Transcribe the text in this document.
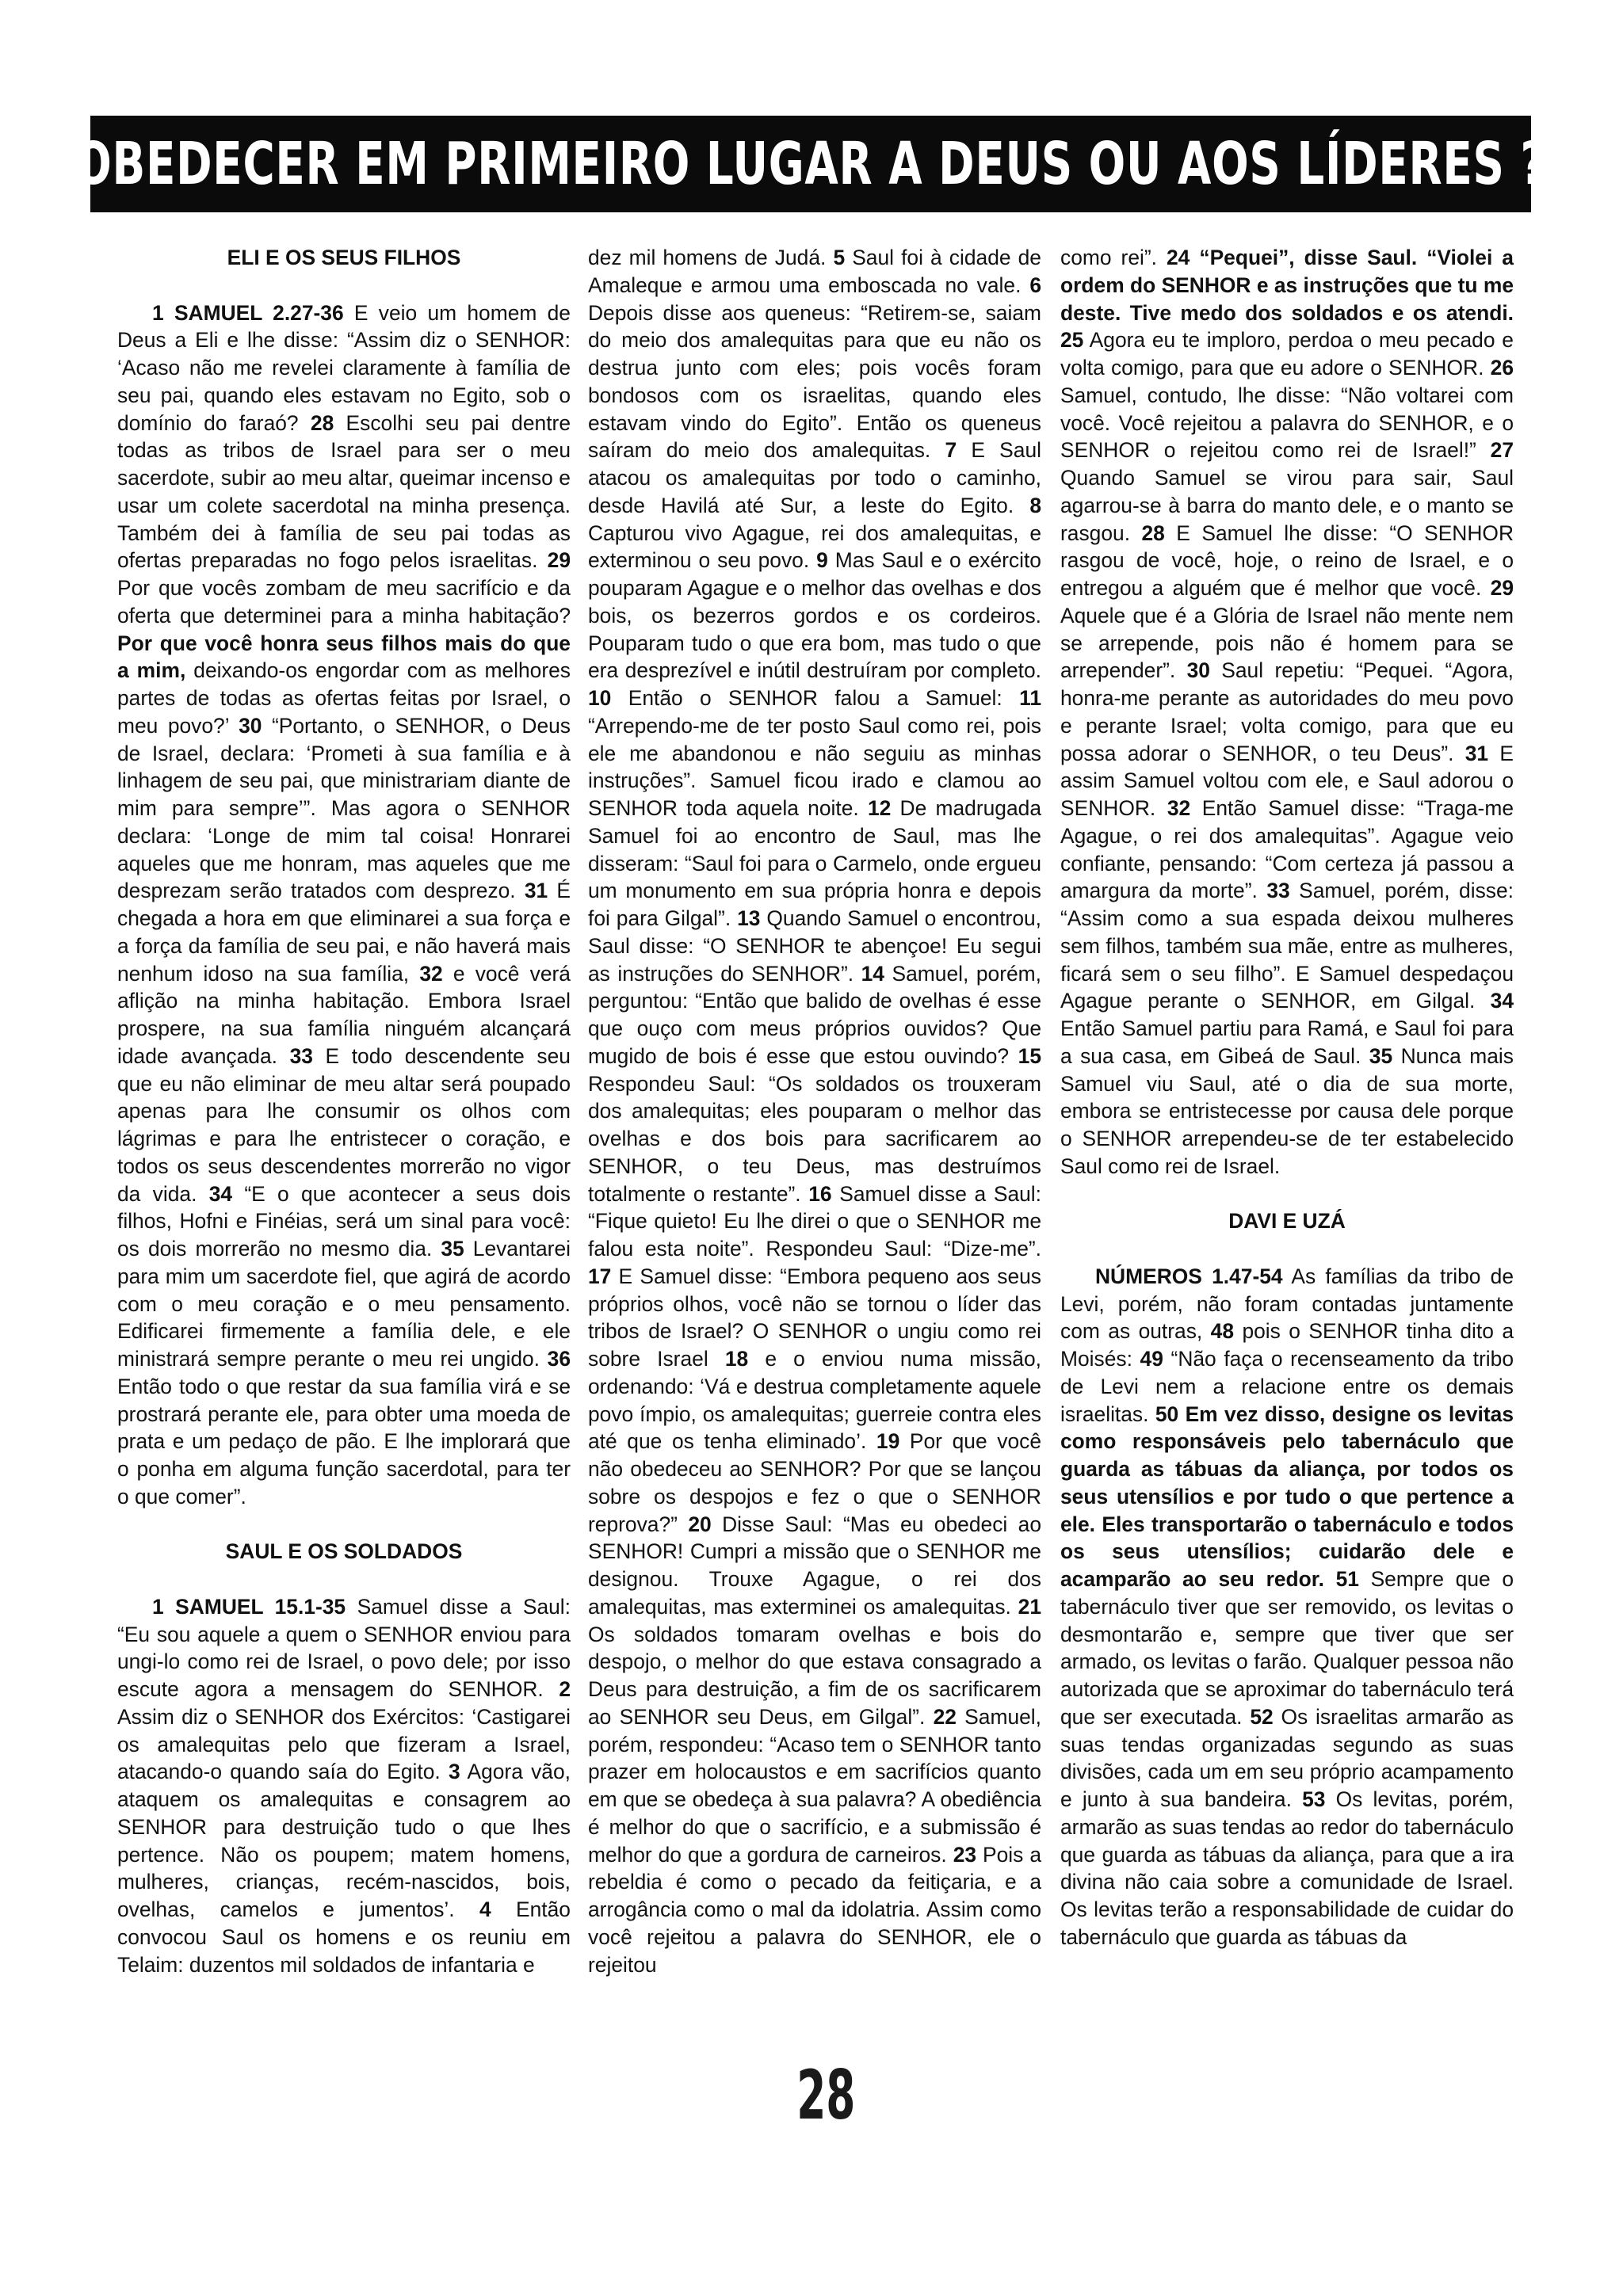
OBEDECER EM PRIMEIRO LUGAR A DEUS OU AOS LÍDERES ?
ELI E OS SEUS FILHOS

1 SAMUEL 2.27-36 E veio um homem de Deus a Eli e lhe disse: “Assim diz o SENHOR: ‘Acaso não me revelei claramente à família de seu pai, quando eles estavam no Egito, sob o domínio do faraó? 28 Escolhi seu pai dentre todas as tribos de Israel para ser o meu sacerdote, subir ao meu altar, queimar incenso e usar um colete sacerdotal na minha presença. Também dei à família de seu pai todas as ofertas preparadas no fogo pelos israelitas. 29 Por que vocês zombam de meu sacrifício e da oferta que determinei para a minha habitação? Por que você honra seus filhos mais do que a mim, deixando-os engordar com as melhores partes de todas as ofertas feitas por Israel, o meu povo?’ 30 “Portanto, o SENHOR, o Deus de Israel, declara: ‘Prometi à sua família e à linhagem de seu pai, que ministrariam diante de mim para sempre’”. Mas agora o SENHOR declara: ‘Longe de mim tal coisa! Honrarei aqueles que me honram, mas aqueles que me desprezam serão tratados com desprezo. 31 É chegada a hora em que eliminarei a sua força e a força da família de seu pai, e não haverá mais nenhum idoso na sua família, 32 e você verá aflição na minha habitação. Embora Israel prospere, na sua família ninguém alcançará idade avançada. 33 E todo descendente seu que eu não eliminar de meu altar será poupado apenas para lhe consumir os olhos com lágrimas e para lhe entristecer o coração, e todos os seus descendentes morrerão no vigor da vida. 34 “E o que acontecer a seus dois filhos, Hofni e Finéias, será um sinal para você: os dois morrerão no mesmo dia. 35 Levantarei para mim um sacerdote fiel, que agirá de acordo com o meu coração e o meu pensamento. Edificarei firmemente a família dele, e ele ministrará sempre perante o meu rei ungido. 36 Então todo o que restar da sua família virá e se prostrará perante ele, para obter uma moeda de prata e um pedaço de pão. E lhe implorará que o ponha em alguma função sacerdotal, para ter o que comer”.

SAUL E OS SOLDADOS

1 SAMUEL 15.1-35 Samuel disse a Saul: “Eu sou aquele a quem o SENHOR enviou para ungi-lo como rei de Israel, o povo dele; por isso escute agora a mensagem do SENHOR. 2 Assim diz o SENHOR dos Exércitos: ‘Castigarei os amalequitas pelo que fizeram a Israel, atacando-o quando saía do Egito. 3 Agora vão, ataquem os amalequitas e consagrem ao SENHOR para destruição tudo o que lhes pertence. Não os poupem; matem homens, mulheres, crianças, recém-nascidos, bois, ovelhas, camelos e jumentos’. 4 Então convocou Saul os homens e os reuniu em Telaim: duzentos mil soldados de infantaria e

dez mil homens de Judá. 5 Saul foi à cidade de Amaleque e armou uma emboscada no vale. 6 Depois disse aos queneus: “Retirem-se, saiam do meio dos amalequitas para que eu não os destrua junto com eles; pois vocês foram bondosos com os israelitas, quando eles estavam vindo do Egito”. Então os queneus saíram do meio dos amalequitas. 7 E Saul atacou os amalequitas por todo o caminho, desde Havilá até Sur, a leste do Egito. 8 Capturou vivo Agague, rei dos amalequitas, e exterminou o seu povo. 9 Mas Saul e o exército pouparam Agague e o melhor das ovelhas e dos bois, os bezerros gordos e os cordeiros. Pouparam tudo o que era bom, mas tudo o que era desprezível e inútil destruíram por completo. 10 Então o SENHOR falou a Samuel: 11 “Arrependo-me de ter posto Saul como rei, pois ele me abandonou e não seguiu as minhas instruções”. Samuel ficou irado e clamou ao SENHOR toda aquela noite. 12 De madrugada Samuel foi ao encontro de Saul, mas lhe disseram: “Saul foi para o Carmelo, onde ergueu um monumento em sua própria honra e depois foi para Gilgal”. 13 Quando Samuel o encontrou, Saul disse: “O SENHOR te abençoe! Eu segui as instruções do SENHOR”. 14 Samuel, porém, perguntou: “Então que balido de ovelhas é esse que ouço com meus próprios ouvidos? Que mugido de bois é esse que estou ouvindo? 15 Respondeu Saul: “Os soldados os trouxeram dos amalequitas; eles pouparam o melhor das ovelhas e dos bois para sacrificarem ao SENHOR, o teu Deus, mas destruímos totalmente o restante”. 16 Samuel disse a Saul: “Fique quieto! Eu lhe direi o que o SENHOR me falou esta noite”. Respondeu Saul: “Dize-me”. 17 E Samuel disse: “Embora pequeno aos seus próprios olhos, você não se tornou o líder das tribos de Israel? O SENHOR o ungiu como rei sobre Israel 18 e o enviou numa missão, ordenando: ‘Vá e destrua completamente aquele povo ímpio, os amalequitas; guerreie contra eles até que os tenha eliminado’. 19 Por que você não obedeceu ao SENHOR? Por que se lançou sobre os despojos e fez o que o SENHOR reprova?” 20 Disse Saul: “Mas eu obedeci ao SENHOR! Cumpri a missão que o SENHOR me designou. Trouxe Agague, o rei dos amalequitas, mas exterminei os amalequitas. 21 Os soldados tomaram ovelhas e bois do despojo, o melhor do que estava consagrado a Deus para destruição, a fim de os sacrificarem ao SENHOR seu Deus, em Gilgal”. 22 Samuel, porém, respondeu: “Acaso tem o SENHOR tanto prazer em holocaustos e em sacrifícios quanto em que se obedeça à sua palavra? A obediência é melhor do que o sacrifício, e a submissão é melhor do que a gordura de carneiros. 23 Pois a rebeldia é como o pecado da feitiçaria, e a arrogância como o mal da idolatria. Assim como você rejeitou a palavra do SENHOR, ele o rejeitou

como rei”. 24 “Pequei”, disse Saul. “Violei a ordem do SENHOR e as instruções que tu me deste. Tive medo dos soldados e os atendi. 25 Agora eu te imploro, perdoa o meu pecado e volta comigo, para que eu adore o SENHOR. 26 Samuel, contudo, lhe disse: “Não voltarei com você. Você rejeitou a palavra do SENHOR, e o SENHOR o rejeitou como rei de Israel!” 27 Quando Samuel se virou para sair, Saul agarrou-se à barra do manto dele, e o manto se rasgou. 28 E Samuel lhe disse: “O SENHOR rasgou de você, hoje, o reino de Israel, e o entregou a alguém que é melhor que você. 29 Aquele que é a Glória de Israel não mente nem se arrepende, pois não é homem para se arrepender”. 30 Saul repetiu: “Pequei. “Agora, honra-me perante as autoridades do meu povo e perante Israel; volta comigo, para que eu possa adorar o SENHOR, o teu Deus”. 31 E assim Samuel voltou com ele, e Saul adorou o SENHOR. 32 Então Samuel disse: “Traga-me Agague, o rei dos amalequitas”. Agague veio confiante, pensando: “Com certeza já passou a amargura da morte”. 33 Samuel, porém, disse: “Assim como a sua espada deixou mulheres sem filhos, também sua mãe, entre as mulheres, ficará sem o seu filho”. E Samuel despedaçou Agague perante o SENHOR, em Gilgal. 34 Então Samuel partiu para Ramá, e Saul foi para a sua casa, em Gibeá de Saul. 35 Nunca mais Samuel viu Saul, até o dia de sua morte, embora se entristecesse por causa dele porque o SENHOR arrependeu-se de ter estabelecido Saul como rei de Israel.

DAVI E UZÁ

NÚMEROS 1.47-54 As famílias da tribo de Levi, porém, não foram contadas juntamente com as outras, 48 pois o SENHOR tinha dito a Moisés: 49 “Não faça o recenseamento da tribo de Levi nem a relacione entre os demais israelitas. 50 Em vez disso, designe os levitas como responsáveis pelo tabernáculo que guarda as tábuas da aliança, por todos os seus utensílios e por tudo o que pertence a ele. Eles transportarão o tabernáculo e todos os seus utensílios; cuidarão dele e acamparão ao seu redor. 51 Sempre que o tabernáculo tiver que ser removido, os levitas o desmontarão e, sempre que tiver que ser armado, os levitas o farão. Qualquer pessoa não autorizada que se aproximar do tabernáculo terá que ser executada. 52 Os israelitas armarão as suas tendas organizadas segundo as suas divisões, cada um em seu próprio acampamento e junto à sua bandeira. 53 Os levitas, porém, armarão as suas tendas ao redor do tabernáculo que guarda as tábuas da aliança, para que a ira divina não caia sobre a comunidade de Israel. Os levitas terão a responsabilidade de cuidar do tabernáculo que guarda as tábuas da

28
